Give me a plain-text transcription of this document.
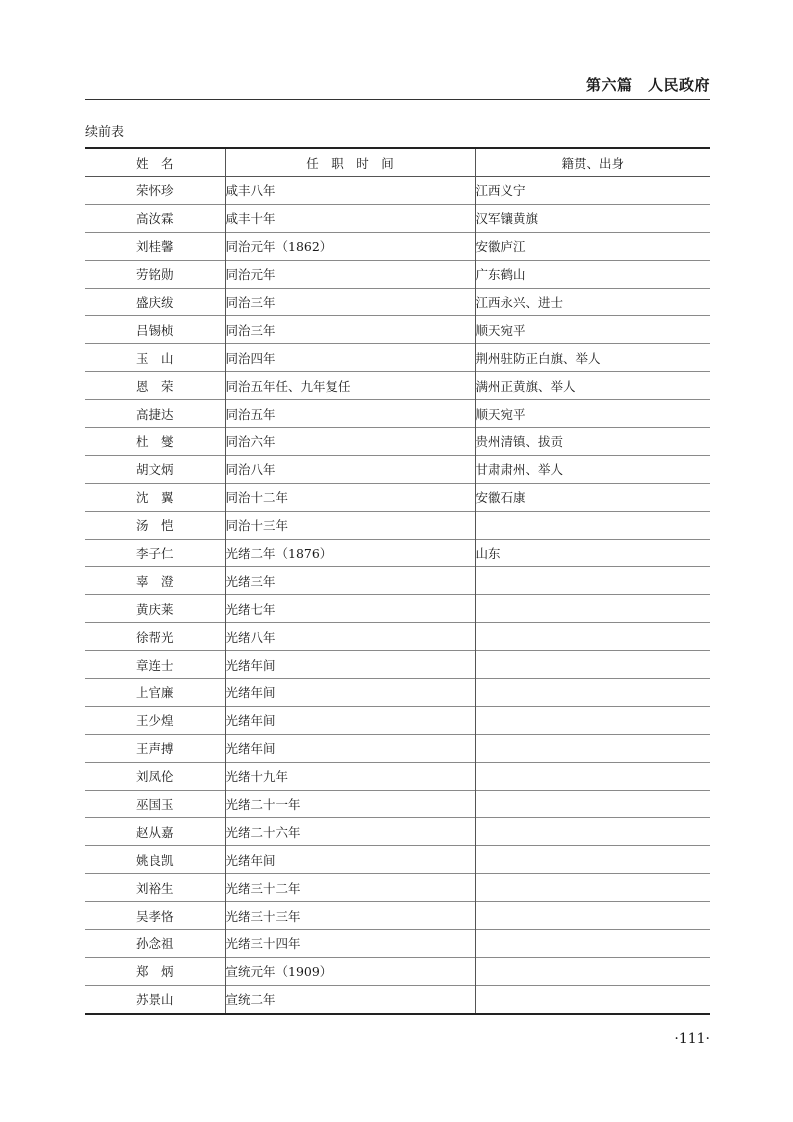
第六篇　人民政府
续前表
姓　名	任　职　时　间	籍贯、出身
荣怀珍	咸丰八年	江西义宁
高汝霖	咸丰十年	汉军镶黄旗
刘桂馨	同治元年（1862）	安徽庐江
劳铭勋	同治元年	广东鹤山
盛庆绂	同治三年	江西永兴、进士
吕锡桢	同治三年	顺天宛平
玉　山	同治四年	荆州驻防正白旗、举人
恩　荣	同治五年任、九年复任	满州正黄旗、举人
高捷达	同治五年	顺天宛平
杜　燮	同治六年	贵州清镇、拔贡
胡文炳	同治八年	甘肃肃州、举人
沈　翼	同治十二年	安徽石康
汤　恺	同治十三年	
李子仁	光绪二年（1876）	山东
辜　澄	光绪三年	
黄庆莱	光绪七年	
徐帮光	光绪八年	
章连士	光绪年间	
上官廉	光绪年间	
王少煌	光绪年间	
王声搏	光绪年间	
刘凤伦	光绪十九年	
巫国玉	光绪二十一年	
赵从嘉	光绪二十六年	
姚良凯	光绪年间	
刘裕生	光绪三十二年	
吴孝恪	光绪三十三年	
孙念祖	光绪三十四年	
郑　炳	宣统元年（1909）	
苏景山	宣统二年	
·111·
